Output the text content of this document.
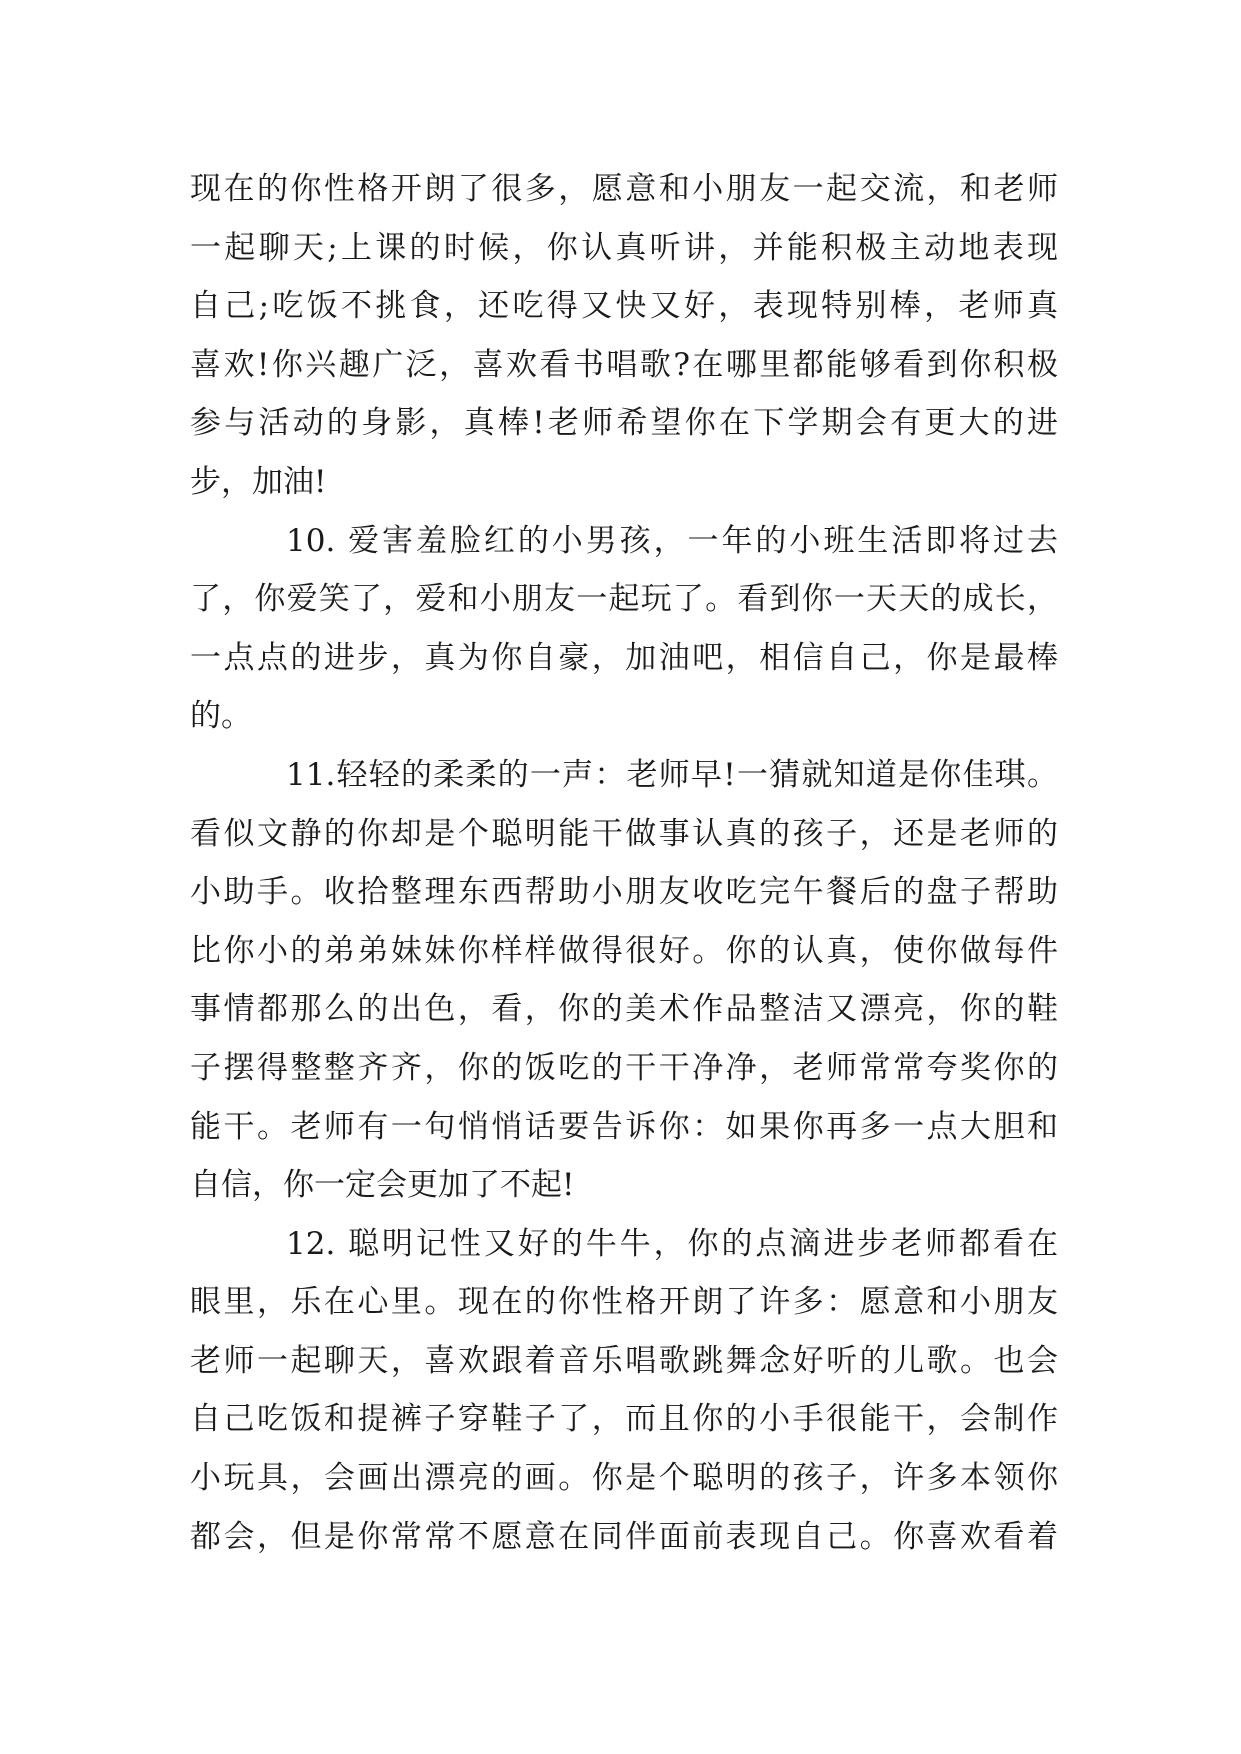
现在的你性格开朗了很多，愿意和小朋友一起交流，和老师
一起聊天;上课的时候，你认真听讲，并能积极主动地表现
自己;吃饭不挑食，还吃得又快又好，表现特别棒，老师真
喜欢!你兴趣广泛，喜欢看书唱歌?在哪里都能够看到你积极
参与活动的身影，真棒!老师希望你在下学期会有更大的进
步，加油!
10. 爱害羞脸红的小男孩，一年的小班生活即将过去
了，你爱笑了，爱和小朋友一起玩了。看到你一天天的成长，
一点点的进步，真为你自豪，加油吧，相信自己，你是最棒
的。
11.轻轻的柔柔的一声：老师早!一猜就知道是你佳琪。
看似文静的你却是个聪明能干做事认真的孩子，还是老师的
小助手。收拾整理东西帮助小朋友收吃完午餐后的盘子帮助
比你小的弟弟妹妹你样样做得很好。你的认真，使你做每件
事情都那么的出色，看，你的美术作品整洁又漂亮，你的鞋
子摆得整整齐齐，你的饭吃的干干净净，老师常常夸奖你的
能干。老师有一句悄悄话要告诉你：如果你再多一点大胆和
自信，你一定会更加了不起!
12. 聪明记性又好的牛牛，你的点滴进步老师都看在
眼里，乐在心里。现在的你性格开朗了许多：愿意和小朋友
老师一起聊天，喜欢跟着音乐唱歌跳舞念好听的儿歌。也会
自己吃饭和提裤子穿鞋子了，而且你的小手很能干，会制作
小玩具，会画出漂亮的画。你是个聪明的孩子，许多本领你
都会，但是你常常不愿意在同伴面前表现自己。你喜欢看着
